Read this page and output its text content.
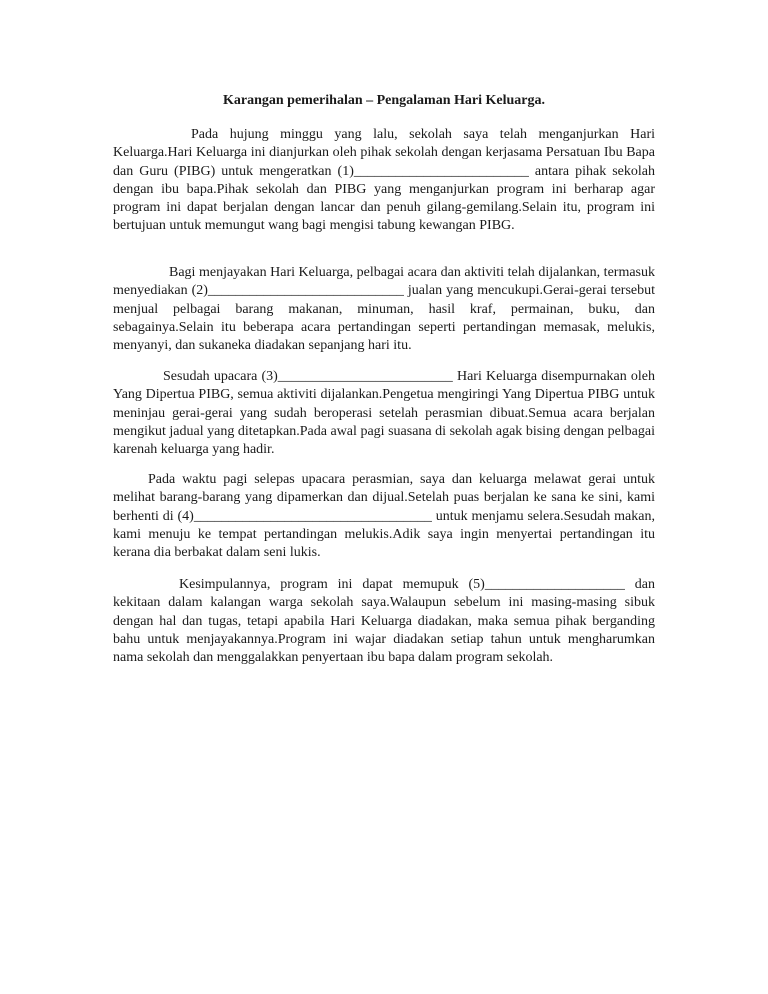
Karangan pemerihalan – Pengalaman Hari Keluarga.

Pada hujung minggu yang lalu, sekolah saya telah menganjurkan Hari Keluarga.Hari Keluarga ini dianjurkan oleh pihak sekolah dengan kerjasama Persatuan Ibu Bapa dan Guru (PIBG) untuk mengeratkan (1)_________________________ antara pihak sekolah dengan ibu bapa.Pihak sekolah dan PIBG yang menganjurkan program ini berharap agar program ini dapat berjalan dengan lancar dan penuh gilang-gemilang.Selain itu, program ini bertujuan untuk memungut wang bagi mengisi tabung kewangan PIBG.

Bagi menjayakan Hari Keluarga, pelbagai acara dan aktiviti telah dijalankan, termasuk menyediakan (2)____________________________ jualan yang mencukupi.Gerai-gerai tersebut menjual pelbagai barang makanan, minuman, hasil kraf, permainan, buku, dan sebagainya.Selain itu beberapa acara pertandingan seperti pertandingan memasak, melukis, menyanyi, dan sukaneka diadakan sepanjang hari itu.

Sesudah upacara (3)_________________________ Hari Keluarga disempurnakan oleh Yang Dipertua PIBG, semua aktiviti dijalankan.Pengetua mengiringi Yang Dipertua PIBG untuk meninjau gerai-gerai yang sudah beroperasi setelah perasmian dibuat.Semua acara berjalan mengikut jadual yang ditetapkan.Pada awal pagi suasana di sekolah agak bising dengan pelbagai karenah keluarga yang hadir.

Pada waktu pagi selepas upacara perasmian, saya dan keluarga melawat gerai untuk melihat barang-barang yang dipamerkan dan dijual.Setelah puas berjalan ke sana ke sini, kami berhenti di (4)__________________________________ untuk menjamu selera.Sesudah makan, kami menuju ke tempat pertandingan melukis.Adik saya ingin menyertai pertandingan itu kerana dia berbakat dalam seni lukis.

Kesimpulannya, program ini dapat memupuk (5)____________________ dan kekitaan dalam kalangan warga sekolah saya.Walaupun sebelum ini masing-masing sibuk dengan hal dan tugas, tetapi apabila Hari Keluarga diadakan, maka semua pihak berganding bahu untuk menjayakannya.Program ini wajar diadakan setiap tahun untuk mengharumkan nama sekolah dan menggalakkan penyertaan ibu bapa dalam program sekolah.
